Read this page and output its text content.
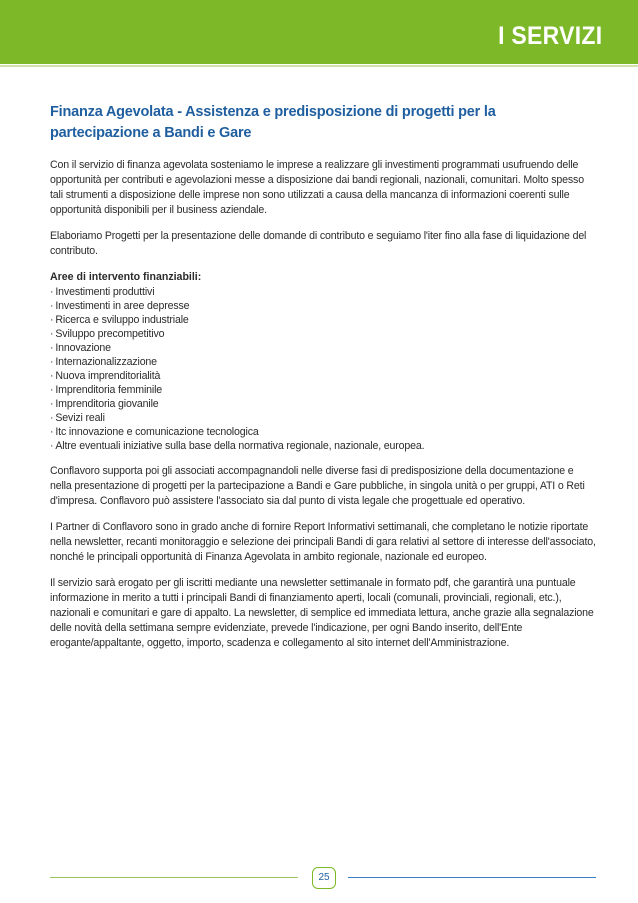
I SERVIZI
Finanza Agevolata - Assistenza e predisposizione di progetti per la
partecipazione a Bandi e Gare

Con il servizio di finanza agevolata sosteniamo le imprese a realizzare gli investimenti programmati usufruendo delle opportunità per contributi e agevolazioni messe a disposizione dai bandi regionali, nazionali, comunitari. Molto spesso tali strumenti a disposizione delle imprese non sono utilizzati a causa della mancanza di informazioni coerenti sulle opportunità disponibili per il business aziendale.

Elaboriamo Progetti per la presentazione delle domande di contributo e seguiamo l'iter fino alla fase di liquidazione del contributo.

Aree di intervento finanziabili:

· Investimenti produttivi
· Investimenti in aree depresse
· Ricerca e sviluppo industriale
· Sviluppo precompetitivo
· Innovazione
· Internazionalizzazione
· Nuova imprenditorialità
· Imprenditoria femminile
· Imprenditoria giovanile
· Sevizi reali
· Itc innovazione e comunicazione tecnologica
· Altre eventuali iniziative sulla base della normativa regionale, nazionale, europea.

Conflavoro supporta poi gli associati accompagnandoli nelle diverse fasi di predisposizione della documentazione e nella presentazione di progetti per la partecipazione a Bandi e Gare pubbliche, in singola unità o per gruppi, ATI o Reti d'impresa. Conflavoro può assistere l'associato sia dal punto di vista legale che progettuale ed operativo.

I Partner di Conflavoro sono in grado anche di fornire Report Informativi settimanali, che completano le notizie riportate nella newsletter, recanti monitoraggio e selezione dei principali Bandi di gara relativi al settore di interesse dell'associato, nonché le principali opportunità di Finanza Agevolata in ambito regionale, nazionale ed europeo.

Il servizio sarà erogato per gli iscritti mediante una newsletter settimanale in formato pdf, che garantirà una puntuale informazione in merito a tutti i principali Bandi di finanziamento aperti, locali (comunali, provinciali, regionali, etc.), nazionali e comunitari e gare di appalto. La newsletter, di semplice ed immediata lettura, anche grazie alla segnalazione delle novità della settimana sempre evidenziate, prevede l'indicazione, per ogni Bando inserito, dell'Ente erogante/appaltante, oggetto, importo, scadenza e collegamento al sito internet dell'Amministrazione.

25
